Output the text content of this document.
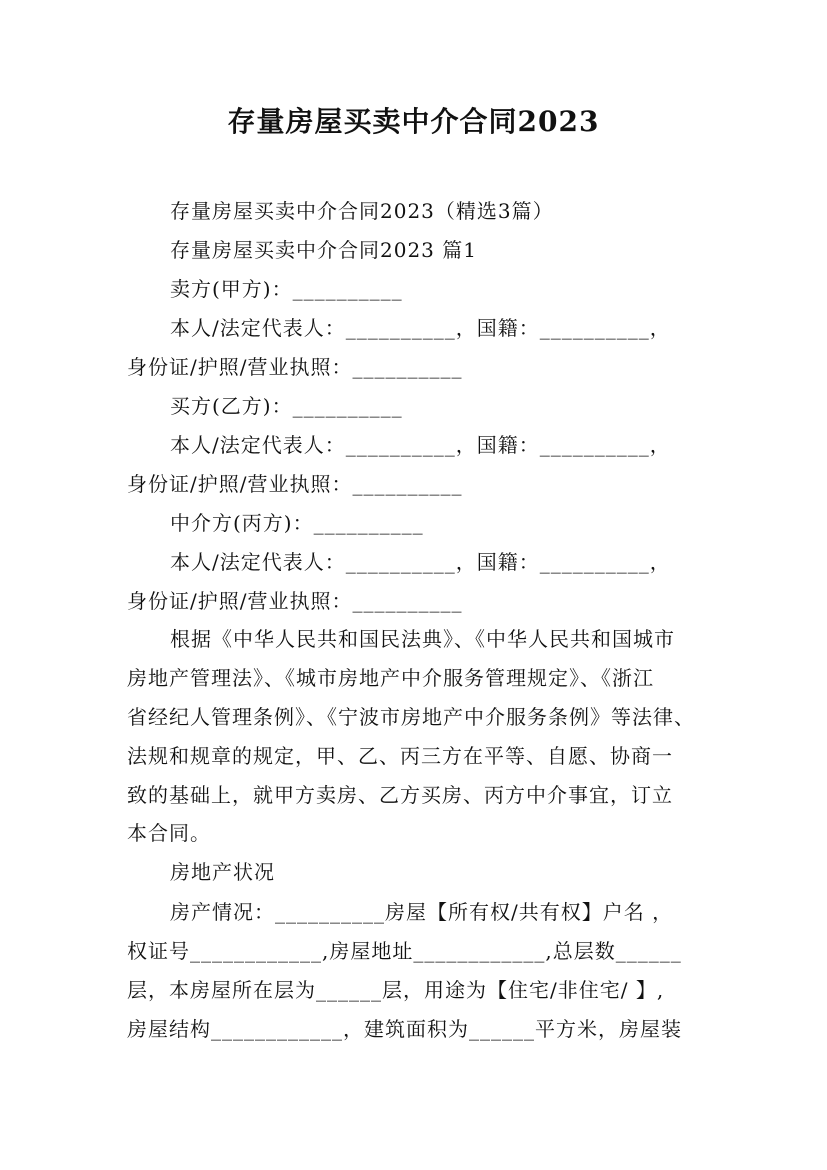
存量房屋买卖中介合同2023
存量房屋买卖中介合同2023（精选3篇）
存量房屋买卖中介合同2023 篇1
卖方(甲方)：__________
本人/法定代表人：__________，国籍：__________，
身份证/护照/营业执照：__________
买方(乙方)：__________
本人/法定代表人：__________，国籍：__________，
身份证/护照/营业执照：__________
中介方(丙方)：__________
本人/法定代表人：__________，国籍：__________，
身份证/护照/营业执照：__________
根据《中华人民共和国民法典》、《中华人民共和国城市
房地产管理法》、《城市房地产中介服务管理规定》、《浙江
省经纪人管理条例》、《宁波市房地产中介服务条例》等法律、
法规和规章的规定，甲、乙、丙三方在平等、自愿、协商一
致的基础上，就甲方卖房、乙方买房、丙方中介事宜，订立
本合同。
房地产状况
房产情况：__________房屋【所有权/共有权】户名 ，
权证号____________,房屋地址____________,总层数______
层，本房屋所在层为______层，用途为【住宅/非住宅/ 】,
房屋结构____________，建筑面积为______平方米，房屋装
